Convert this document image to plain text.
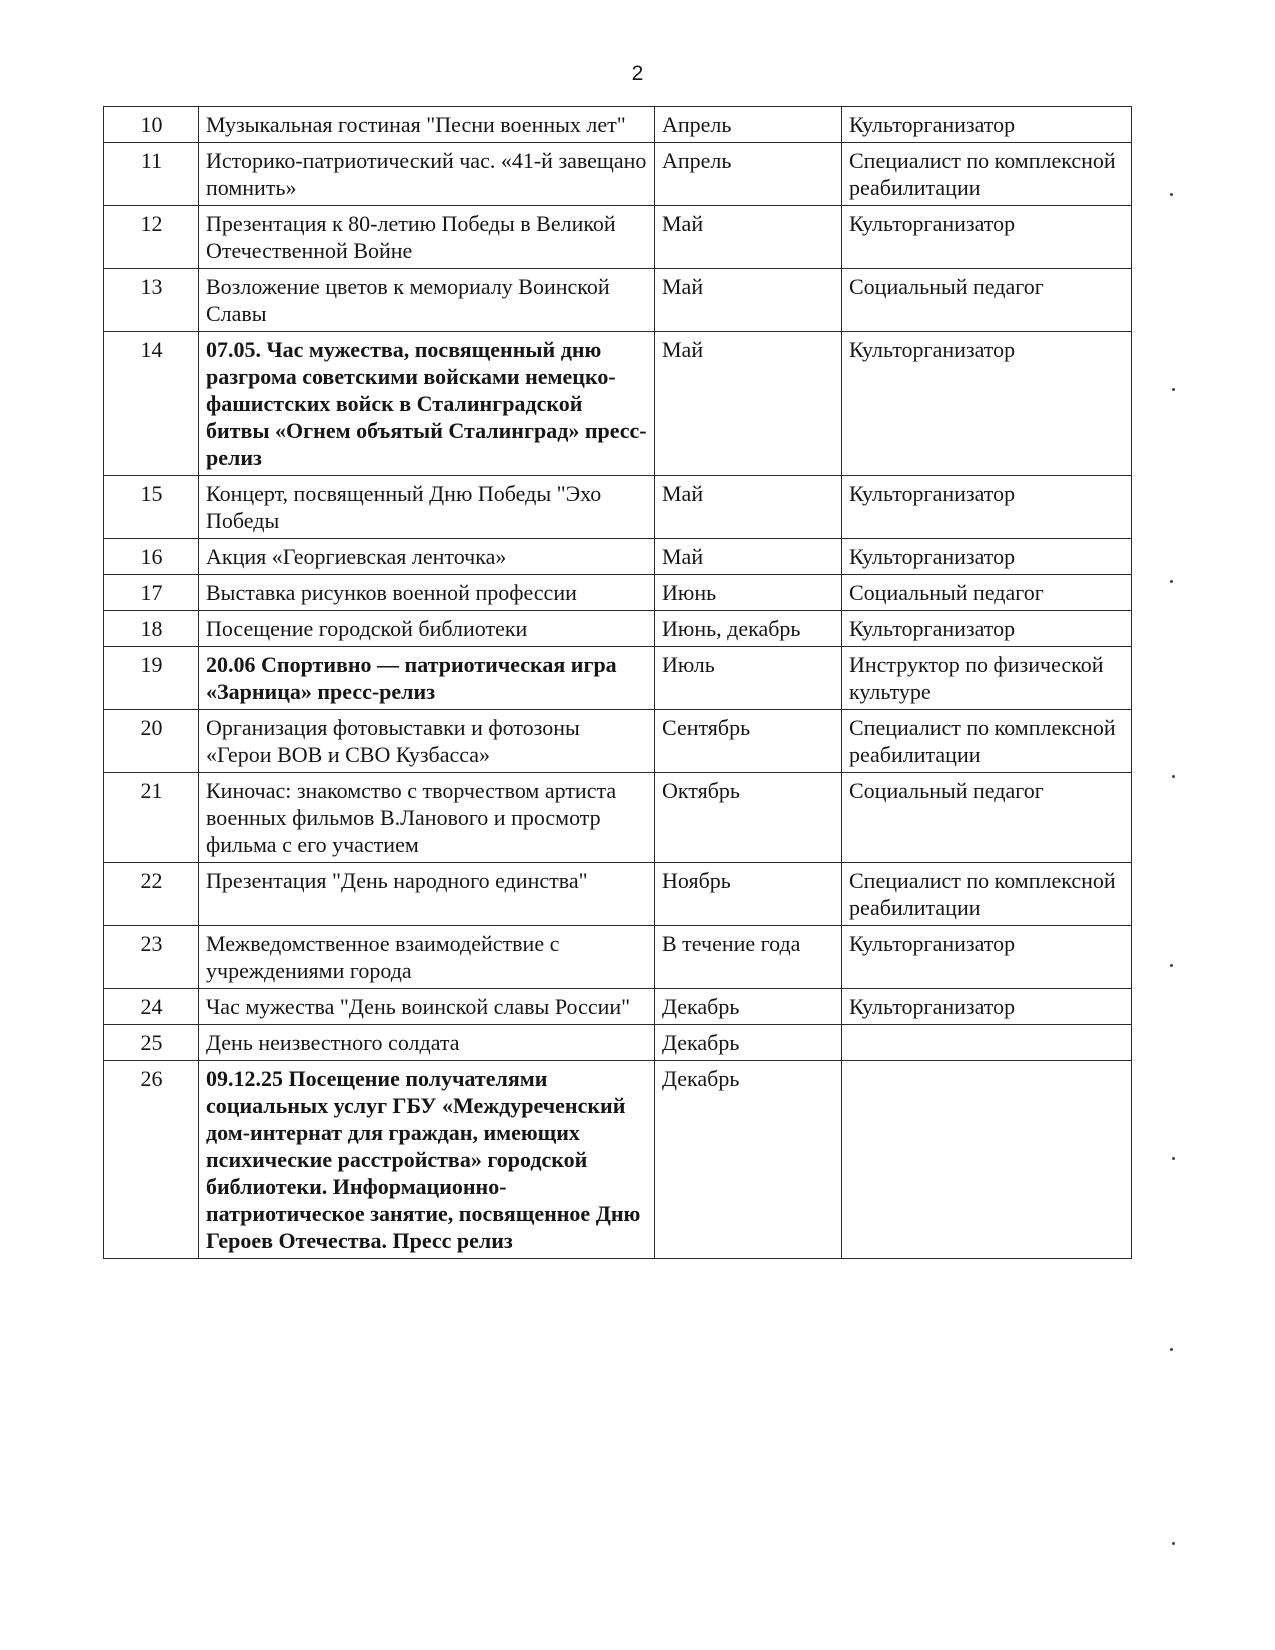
2
10	Музыкальная гостиная "Песни военных лет"	Апрель	Культорганизатор
11	Историко-патриотический час. «41-й завещано помнить»	Апрель	Специалист по комплексной реабилитации
12	Презентация к 80-летию Победы в Великой Отечественной Войне	Май	Культорганизатор
13	Возложение цветов к мемориалу Воинской Славы	Май	Социальный педагог
14	07.05. Час мужества, посвященный дню разгрома советскими войсками немецко- фашистских войск в Сталинградской битвы «Огнем объятый Сталинград» пресс-релиз	Май	Культорганизатор
15	Концерт, посвященный Дню Победы "Эхо Победы	Май	Культорганизатор
16	Акция «Георгиевская ленточка»	Май	Культорганизатор
17	Выставка рисунков военной профессии	Июнь	Социальный педагог
18	Посещение городской библиотеки	Июнь, декабрь	Культорганизатор
19	20.06 Спортивно — патриотическая игра «Зарница» пресс-релиз	Июль	Инструктор по физической культуре
20	Организация фотовыставки и фотозоны «Герои ВОВ и СВО Кузбасса»	Сентябрь	Специалист по комплексной реабилитации
21	Киночас: знакомство с творчеством артиста военных фильмов В.Ланового и просмотр фильма с его участием	Октябрь	Социальный педагог
22	Презентация "День народного единства"	Ноябрь	Специалист по комплексной реабилитации
23	Межведомственное взаимодействие с учреждениями города	В течение года	Культорганизатор
24	Час мужества "День воинской славы России"	Декабрь	Культорганизатор
25	День неизвестного солдата	Декабрь	
26	09.12.25 Посещение получателями социальных услуг ГБУ «Междуреченский дом-интернат для граждан, имеющих психические расстройства» городской библиотеки. Информационно-патриотическое занятие, посвященное Дню Героев Отечества. Пресс релиз	Декабрь	
